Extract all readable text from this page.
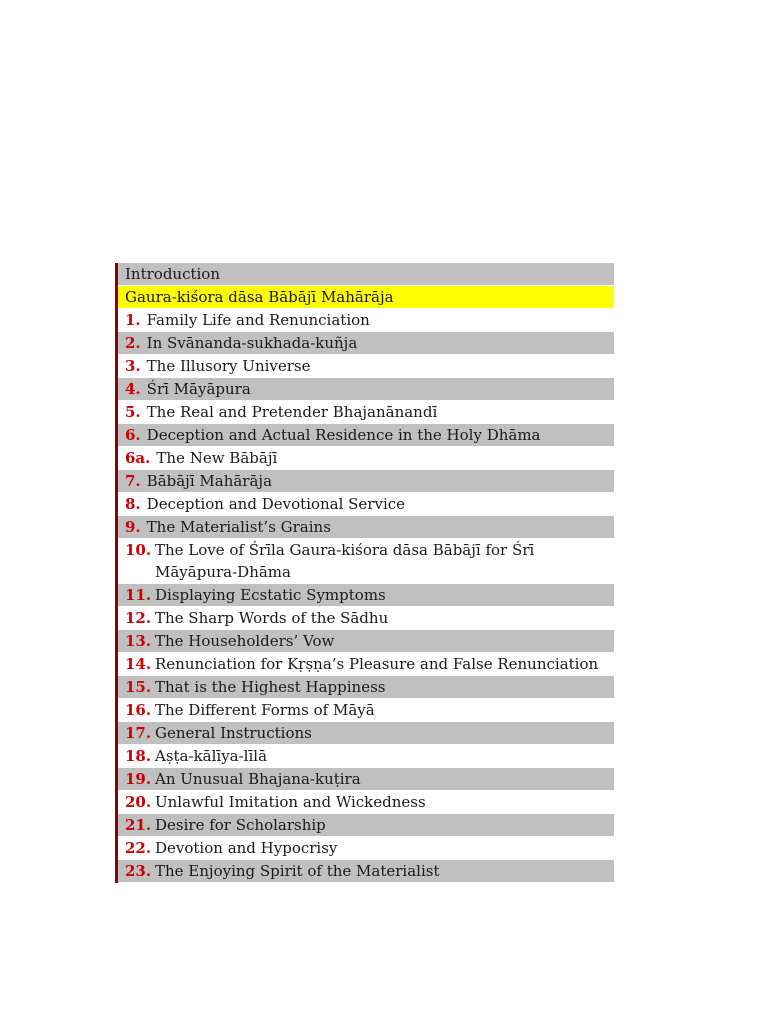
Introduction
Gaura-kiśora dāsa Bābājī Mahārāja
1. Family Life and Renunciation
2. In Svānanda-sukhada-kuñja
3. The Illusory Universe
4. Śrī Māyāpura
5. The Real and Pretender Bhajanānandī
6. Deception and Actual Residence in the Holy Dhāma
6a. The New Bābājī
7. Bābājī Mahārāja
8. Deception and Devotional Service
9. The Materialist’s Grains
10. The Love of Śrīla Gaura-kiśora dāsa Bābājī for Śrī Māyāpura-Dhāma
11. Displaying Ecstatic Symptoms
12. The Sharp Words of the Sādhu
13. The Householders’ Vow
14. Renunciation for Kṛṣṇa’s Pleasure and False Renunciation
15. That is the Highest Happiness
16. The Different Forms of Māyā
17. General Instructions
18. Aṣṭa-kālīya-līlā
19. An Unusual Bhajana-kuṭira
20. Unlawful Imitation and Wickedness
21. Desire for Scholarship
22. Devotion and Hypocrisy
23. The Enjoying Spirit of the Materialist
